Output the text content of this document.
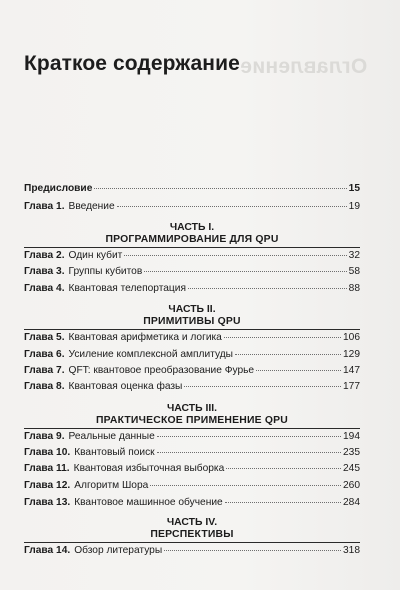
Оглавление
Краткое содержание
Предисловие	15
Глава 1. Введение	19
ЧАСТЬ I.
ПРОГРАММИРОВАНИЕ ДЛЯ QPU
Глава 2. Один кубит	32
Глава 3. Группы кубитов	58
Глава 4. Квантовая телепортация	88
ЧАСТЬ II.
ПРИМИТИВЫ QPU
Глава 5. Квантовая арифметика и логика	106
Глава 6. Усиление комплексной амплитуды	129
Глава 7. QFT: квантовое преобразование Фурье	147
Глава 8. Квантовая оценка фазы	177
ЧАСТЬ III.
ПРАКТИЧЕСКОЕ ПРИМЕНЕНИЕ QPU
Глава 9. Реальные данные	194
Глава 10. Квантовый поиск	235
Глава 11. Квантовая избыточная выборка	245
Глава 12. Алгоритм Шора	260
Глава 13. Квантовое машинное обучение	284
ЧАСТЬ IV.
ПЕРСПЕКТИВЫ
Глава 14. Обзор литературы	318
